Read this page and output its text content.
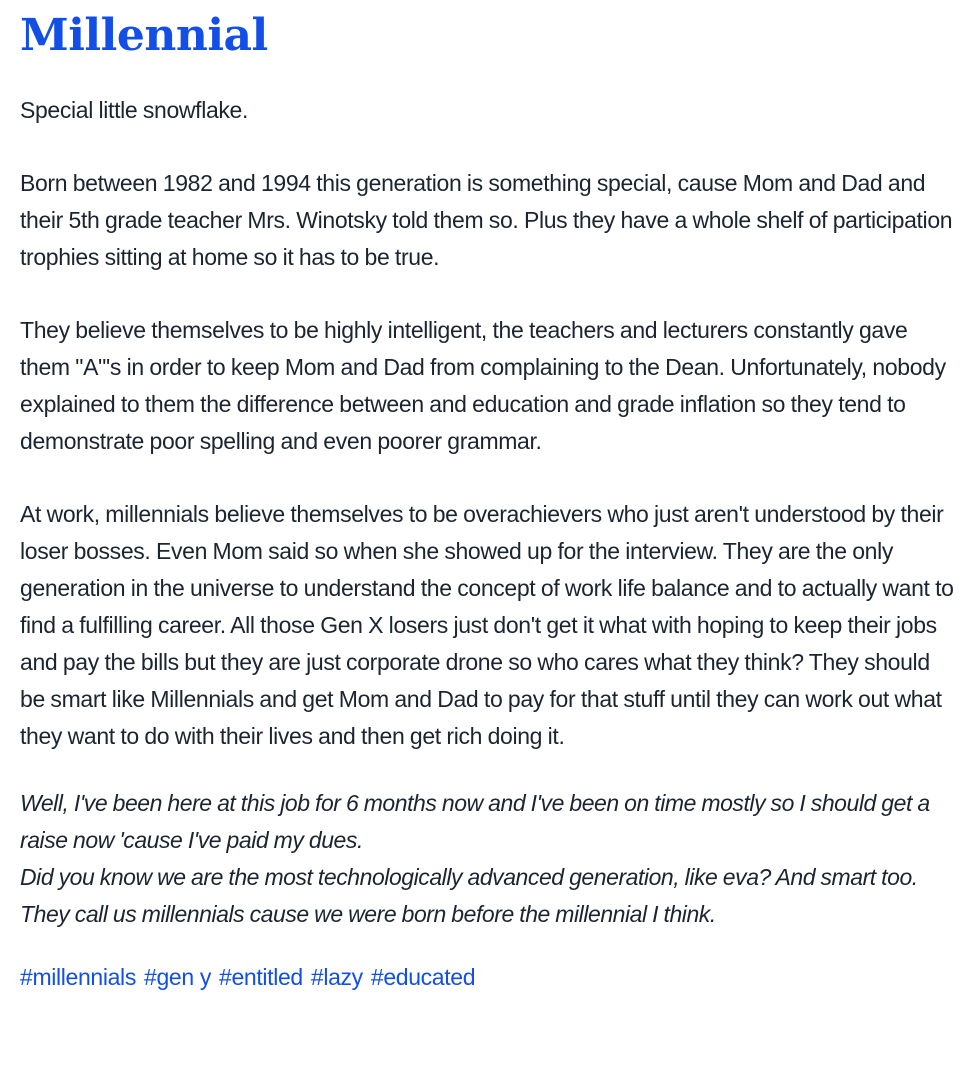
Millennial

Special little snowflake.

Born between 1982 and 1994 this generation is something special, cause Mom and Dad and their 5th grade teacher Mrs. Winotsky told them so. Plus they have a whole shelf of participation trophies sitting at home so it has to be true.

They believe themselves to be highly intelligent, the teachers and lecturers constantly gave them "A"'s in order to keep Mom and Dad from complaining to the Dean. Unfortunately, nobody explained to them the difference between and education and grade inflation so they tend to demonstrate poor spelling and even poorer grammar.

At work, millennials believe themselves to be overachievers who just aren't understood by their loser bosses. Even Mom said so when she showed up for the interview. They are the only generation in the universe to understand the concept of work life balance and to actually want to find a fulfilling career. All those Gen X losers just don't get it what with hoping to keep their jobs and pay the bills but they are just corporate drone so who cares what they think? They should be smart like Millennials and get Mom and Dad to pay for that stuff until they can work out what they want to do with their lives and then get rich doing it.

Well, I've been here at this job for 6 months now and I've been on time mostly so I should get a raise now 'cause I've paid my dues.

Did you know we are the most technologically advanced generation, like eva? And smart too. They call us millennials cause we were born before the millennial I think.

#millennials #gen y #entitled #lazy #educated
